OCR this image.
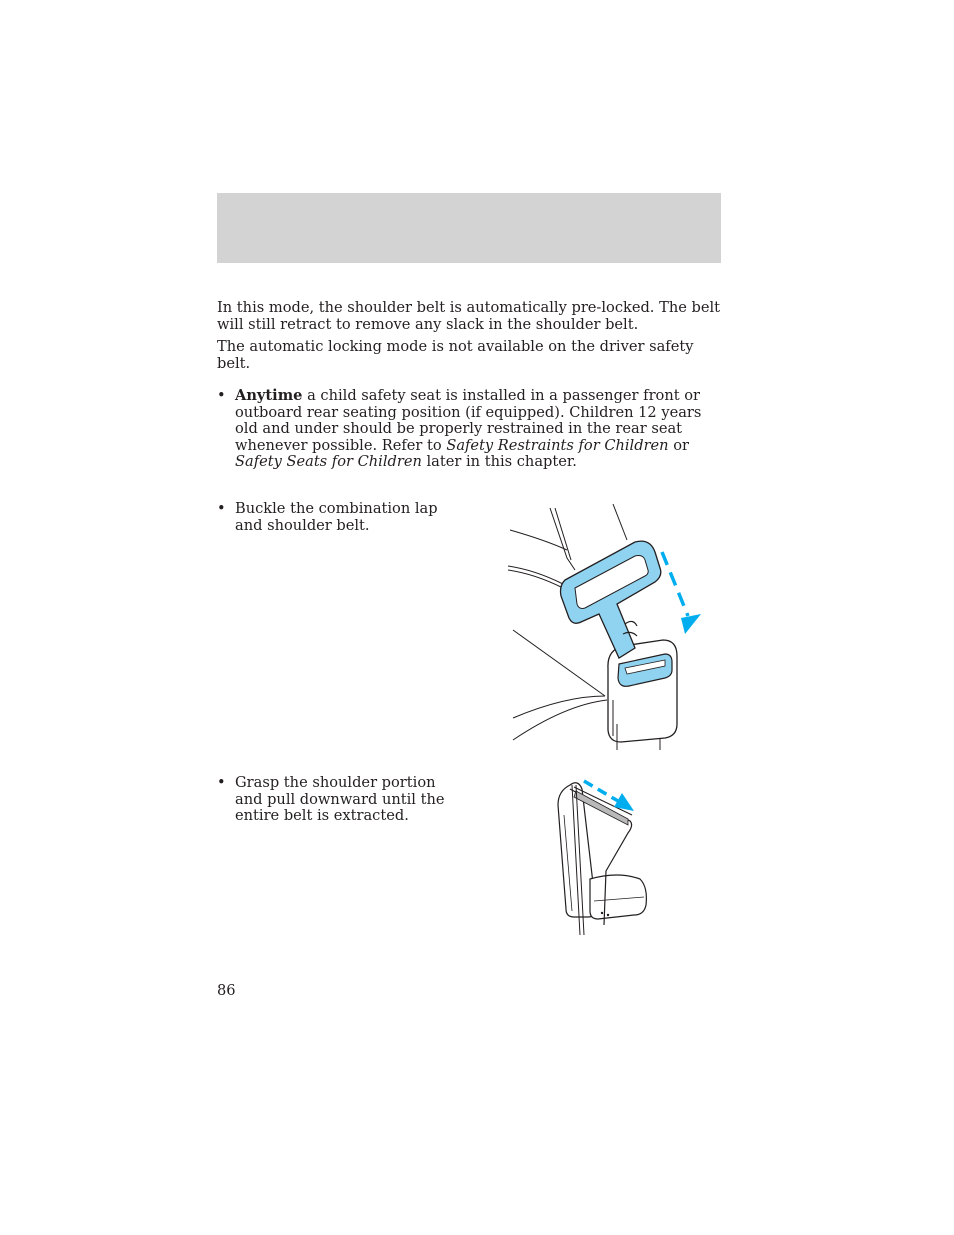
In this mode, the shoulder belt is automatically pre-locked. The belt will still retract to remove any slack in the shoulder belt.

The automatic locking mode is not available on the driver safety belt.

• Anytime a child safety seat is installed in a passenger front or outboard rear seating position (if equipped). Children 12 years old and under should be properly restrained in the rear seat whenever possible. Refer to Safety Restraints for Children or Safety Seats for Children later in this chapter.
• Buckle the combination lap and shoulder belt.
• Grasp the shoulder portion and pull downward until the entire belt is extracted.
86
